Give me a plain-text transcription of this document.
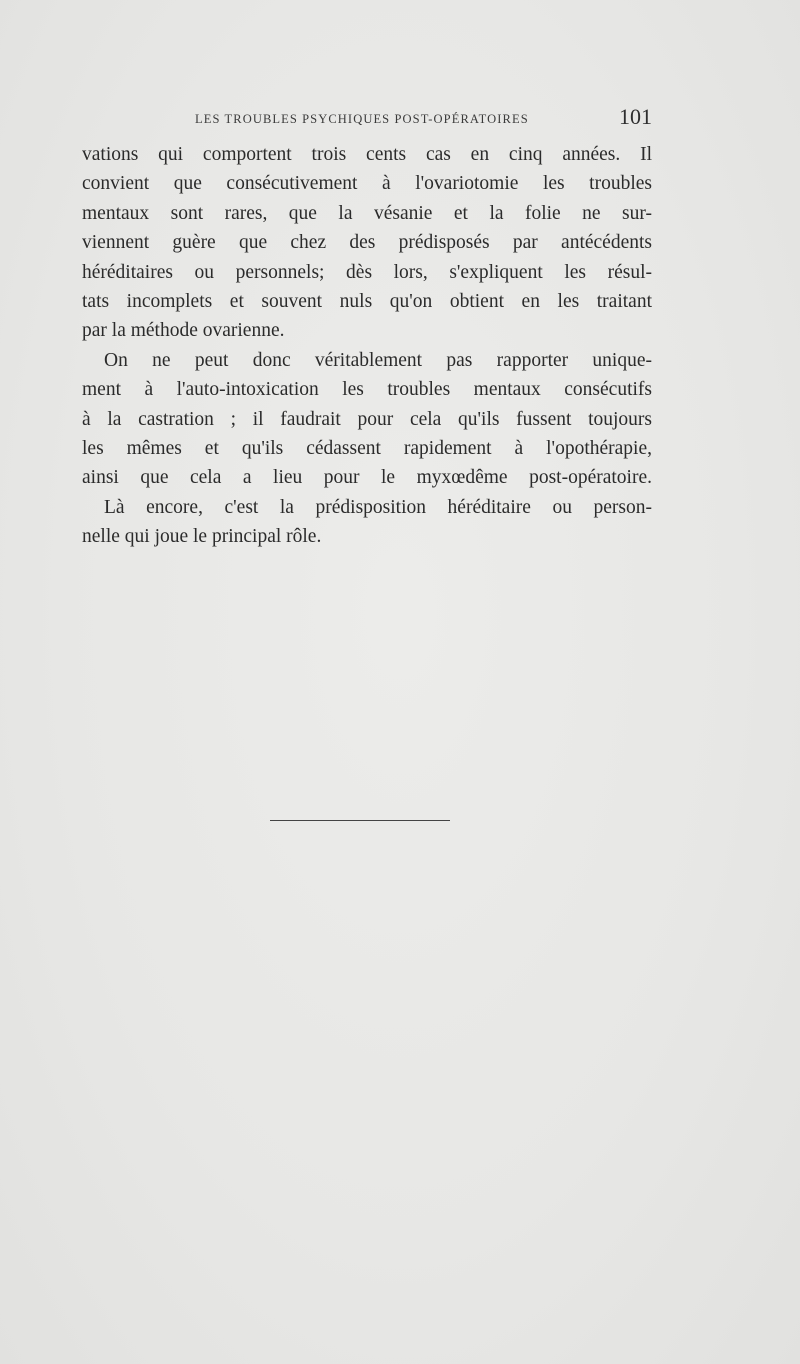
LES TROUBLES PSYCHIQUES POST-OPÉRATOIRES	101
vations qui comportent trois cents cas en cinq années. Il
convient que consécutivement à l'ovariotomie les troubles
mentaux sont rares, que la vésanie et la folie ne sur-
viennent guère que chez des prédisposés par antécédents
héréditaires ou personnels; dès lors, s'expliquent les résul-
tats incomplets et souvent nuls qu'on obtient en les traitant
par la méthode ovarienne.
On ne peut donc véritablement pas rapporter unique-
ment à l'auto-intoxication les troubles mentaux consécutifs
à la castration ; il faudrait pour cela qu'ils fussent toujours
les mêmes et qu'ils cédassent rapidement à l'opothérapie,
ainsi que cela a lieu pour le myxœdême post-opératoire.
Là encore, c'est la prédisposition héréditaire ou person-
nelle qui joue le principal rôle.
